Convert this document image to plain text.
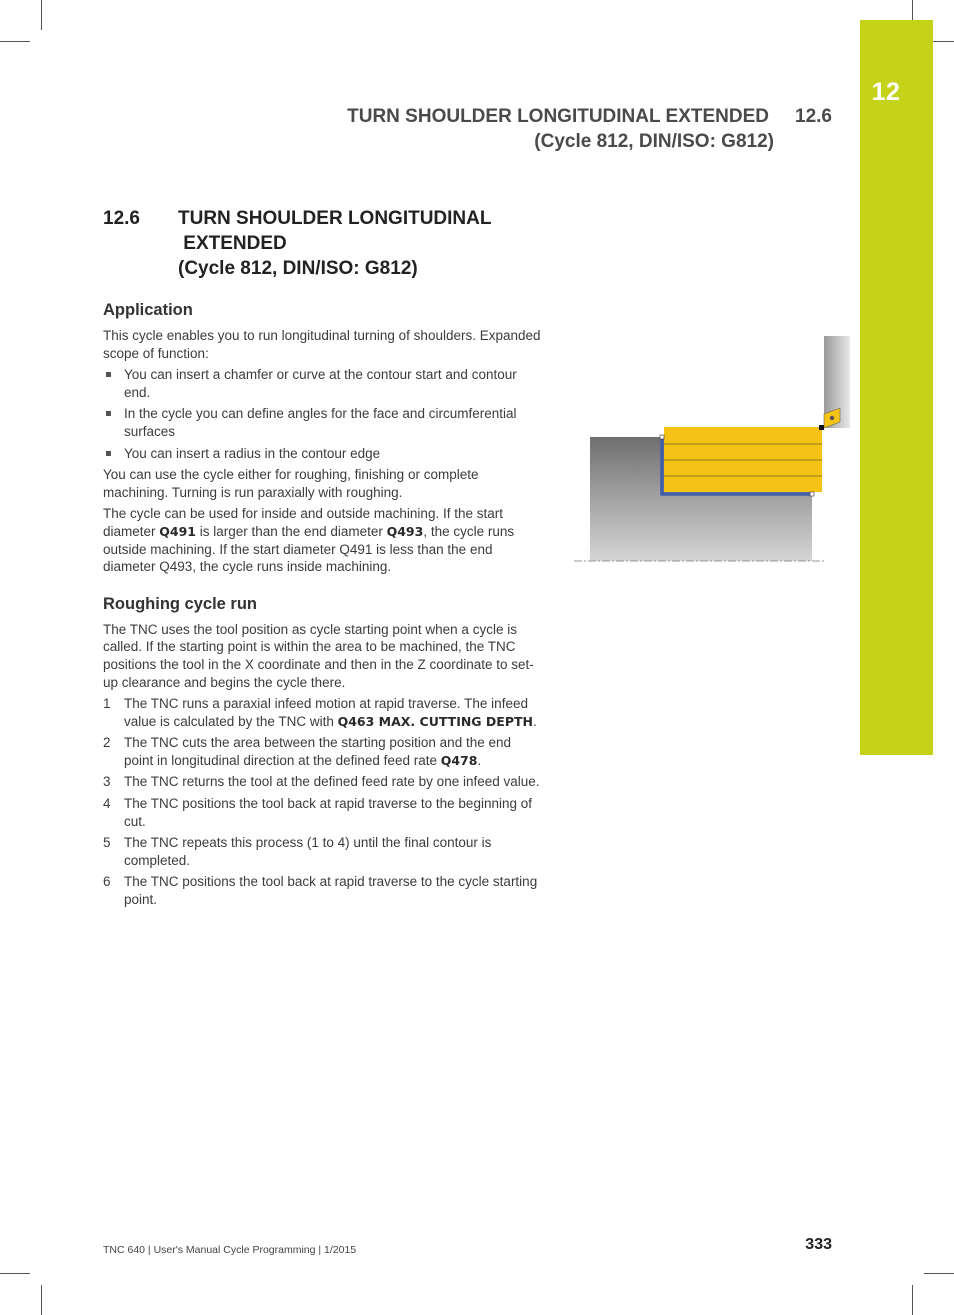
12
TURN SHOULDER LONGITUDINAL EXTENDED 12.6
(Cycle 812, DIN/ISO: G812)
12.6	TURN SHOULDER LONGITUDINAL
EXTENDED
(Cycle 812, DIN/ISO: G812)
Application

This cycle enables you to run longitudinal turning of shoulders. Expanded scope of function:

You can insert a chamfer or curve at the contour start and contour end.
In the cycle you can define angles for the face and circumferential surfaces
You can insert a radius in the contour edge

You can use the cycle either for roughing, finishing or complete machining. Turning is run paraxially with roughing.

The cycle can be used for inside and outside machining. If the start diameter Q491 is larger than the end diameter Q493, the cycle runs outside machining. If the start diameter Q491 is less than the end diameter Q493, the cycle runs inside machining.

Roughing cycle run

The TNC uses the tool position as cycle starting point when a cycle is called. If the starting point is within the area to be machined, the TNC positions the tool in the X coordinate and then in the Z coordinate to set-up clearance and begins the cycle there.

1 The TNC runs a paraxial infeed motion at rapid traverse. The infeed value is calculated by the TNC with Q463 MAX. CUTTING DEPTH.
2 The TNC cuts the area between the starting position and the end point in longitudinal direction at the defined feed rate Q478.
3 The TNC returns the tool at the defined feed rate by one infeed value.
4 The TNC positions the tool back at rapid traverse to the beginning of cut.
5 The TNC repeats this process (1 to 4) until the final contour is completed.
6 The TNC positions the tool back at rapid traverse to the cycle starting point.
TNC 640 | User's Manual Cycle Programming | 1/2015	333
